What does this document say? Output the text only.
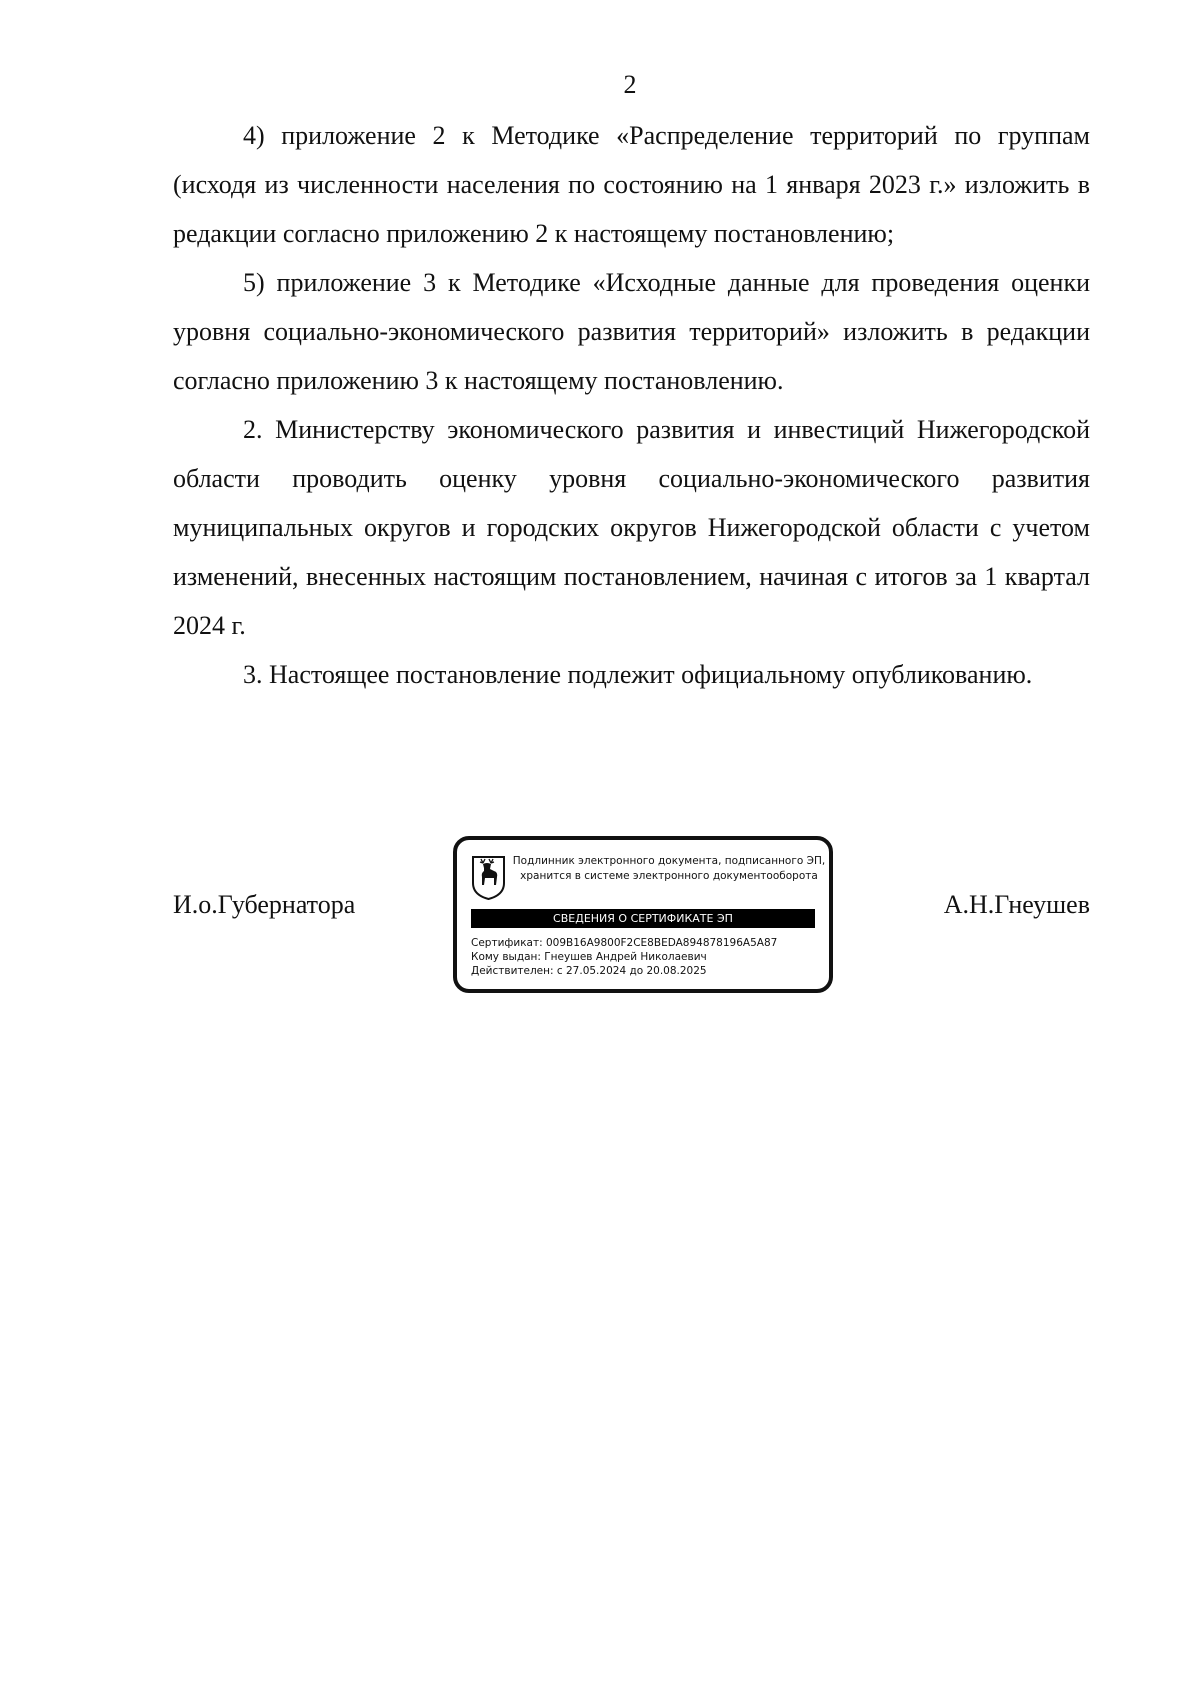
2

4) приложение 2 к Методике «Распределение территорий по группам (исходя из численности населения по состоянию на 1 января 2023 г.» изложить в редакции согласно приложению 2 к настоящему постановлению;

5) приложение 3 к Методике «Исходные данные для проведения оценки уровня социально-экономического развития территорий» изложить в редакции согласно приложению 3 к настоящему постановлению.

2. Министерству экономического развития и инвестиций Нижегородской области проводить оценку уровня социально-экономического развития муниципальных округов и городских округов Нижегородской области с учетом изменений, внесенных настоящим постановлением, начиная с итогов за 1 квартал 2024 г.

3. Настоящее постановление подлежит официальному опубликованию.

И.о.Губернатора	А.Н.Гнеушев
Подлинник электронного документа, подписанного ЭП,
хранится в системе электронного документооборота
СВЕДЕНИЯ О СЕРТИФИКАТЕ ЭП
Сертификат: 009B16A9800F2CE8BEDA894878196A5A87
Кому выдан: Гнеушев Андрей Николаевич
Действителен: с 27.05.2024 до 20.08.2025
